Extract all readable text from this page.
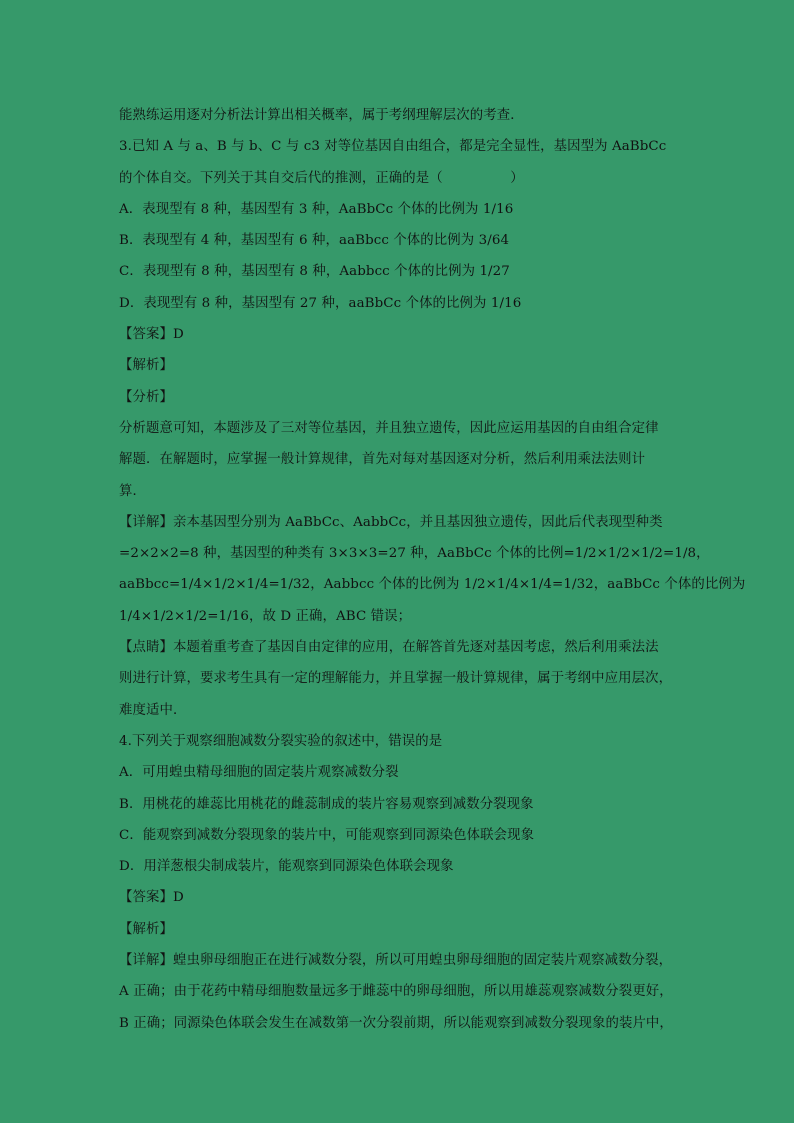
能熟练运用逐对分析法计算出相关概率，属于考纲理解层次的考查．
3.已知 A 与 a、B 与 b、C 与 c3 对等位基因自由组合，都是完全显性，基因型为 AaBbCc
的个体自交。下列关于其自交后代的推测，正确的是（　　　　　）
A．表现型有 8 种，基因型有 3 种，AaBbCc 个体的比例为 1/16
B．表现型有 4 种，基因型有 6 种，aaBbcc 个体的比例为 3/64
C．表现型有 8 种，基因型有 8 种，Aabbcc 个体的比例为 1/27
D．表现型有 8 种，基因型有 27 种，aaBbCc 个体的比例为 1/16
【答案】D
【解析】
【分析】
分析题意可知，本题涉及了三对等位基因，并且独立遗传，因此应运用基因的自由组合定律
解题．在解题时，应掌握一般计算规律，首先对每对基因逐对分析，然后利用乘法法则计
算．
【详解】亲本基因型分别为 AaBbCc、AabbCc，并且基因独立遗传，因此后代表现型种类
=2×2×2=8 种，基因型的种类有 3×3×3=27 种，AaBbCc 个体的比例=1/2×1/2×1/2=1/8，
aaBbcc=1/4×1/2×1/4=1/32，Aabbcc 个体的比例为 1/2×1/4×1/4=1/32，aaBbCc 个体的比例为
1/4×1/2×1/2=1/16，故 D 正确，ABC 错误；
【点睛】本题着重考查了基因自由定律的应用，在解答首先逐对基因考虑，然后利用乘法法
则进行计算，要求考生具有一定的理解能力，并且掌握一般计算规律，属于考纲中应用层次，
难度适中．
4.下列关于观察细胞减数分裂实验的叙述中，错误的是
A．可用蝗虫精母细胞的固定装片观察减数分裂
B．用桃花的雄蕊比用桃花的雌蕊制成的装片容易观察到减数分裂现象
C．能观察到减数分裂现象的装片中，可能观察到同源染色体联会现象
D．用洋葱根尖制成装片，能观察到同源染色体联会现象
【答案】D
【解析】
【详解】蝗虫卵母细胞正在进行减数分裂，所以可用蝗虫卵母细胞的固定装片观察减数分裂，
A 正确；由于花药中精母细胞数量远多于雌蕊中的卵母细胞，所以用雄蕊观察减数分裂更好，
B 正确；同源染色体联会发生在减数第一次分裂前期，所以能观察到减数分裂现象的装片中，
